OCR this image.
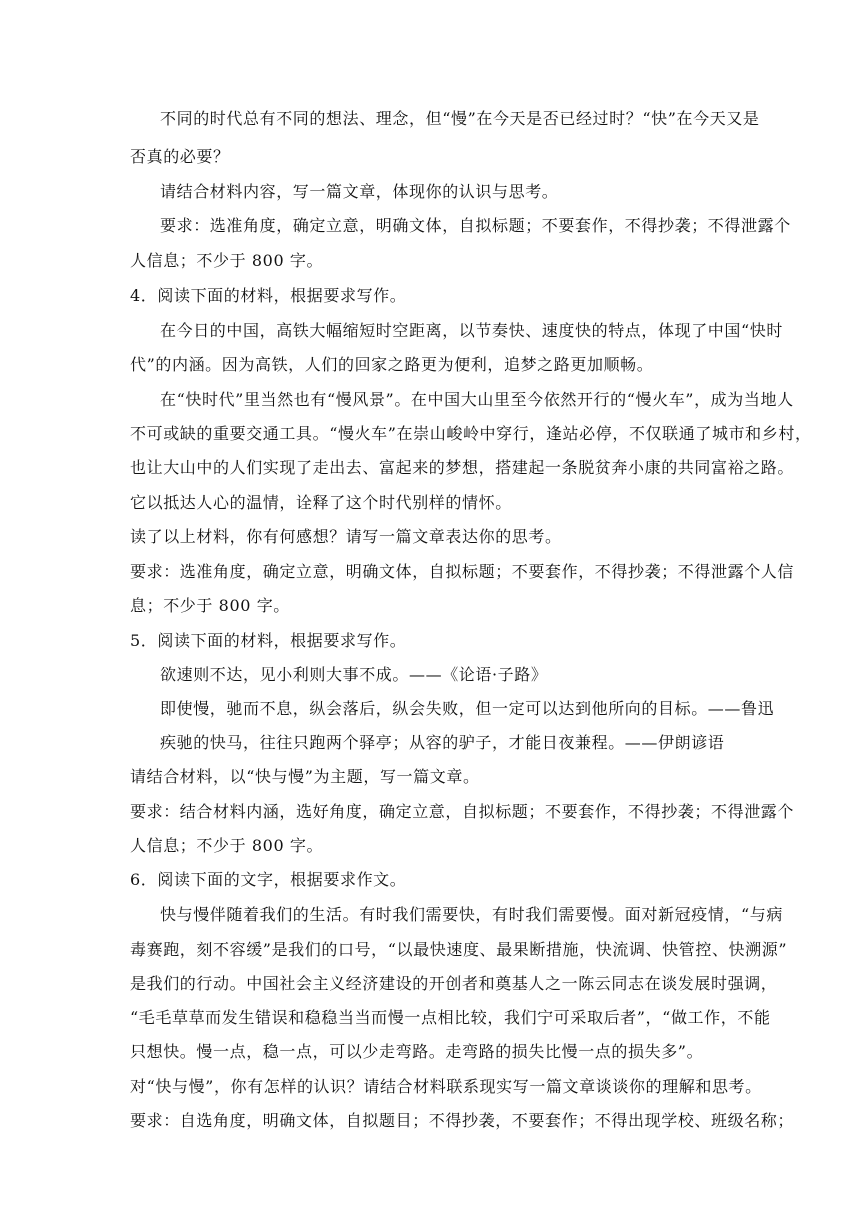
不同的时代总有不同的想法、理念，但“慢”在今天是否已经过时？“快”在今天又是
否真的必要？
请结合材料内容，写一篇文章，体现你的认识与思考。
要求：选准角度，确定立意，明确文体，自拟标题；不要套作，不得抄袭；不得泄露个
人信息；不少于 800 字。
4．阅读下面的材料，根据要求写作。
在今日的中国，高铁大幅缩短时空距离，以节奏快、速度快的特点，体现了中国“快时
代”的内涵。因为高铁，人们的回家之路更为便利，追梦之路更加顺畅。
在“快时代”里当然也有“慢风景”。在中国大山里至今依然开行的“慢火车”，成为当地人
不可或缺的重要交通工具。“慢火车”在崇山峻岭中穿行，逢站必停，不仅联通了城市和乡村，
也让大山中的人们实现了走出去、富起来的梦想，搭建起一条脱贫奔小康的共同富裕之路。
它以抵达人心的温情，诠释了这个时代别样的情怀。
读了以上材料，你有何感想？请写一篇文章表达你的思考。
要求：选准角度，确定立意，明确文体，自拟标题；不要套作，不得抄袭；不得泄露个人信
息；不少于 800 字。
5．阅读下面的材料，根据要求写作。
欲速则不达，见小利则大事不成。——《论语·子路》
即使慢，驰而不息，纵会落后，纵会失败，但一定可以达到他所向的目标。——鲁迅
疾驰的快马，往往只跑两个驿亭；从容的驴子，才能日夜兼程。——伊朗谚语
请结合材料，以“快与慢”为主题，写一篇文章。
要求：结合材料内涵，选好角度，确定立意，自拟标题；不要套作，不得抄袭；不得泄露个
人信息；不少于 800 字。
6．阅读下面的文字，根据要求作文。
快与慢伴随着我们的生活。有时我们需要快，有时我们需要慢。面对新冠疫情，“与病
毒赛跑，刻不容缓”是我们的口号，“以最快速度、最果断措施，快流调、快管控、快溯源”
是我们的行动。中国社会主义经济建设的开创者和奠基人之一陈云同志在谈发展时强调，
“毛毛草草而发生错误和稳稳当当而慢一点相比较，我们宁可采取后者”，“做工作，不能
只想快。慢一点，稳一点，可以少走弯路。走弯路的损失比慢一点的损失多”。
对“快与慢”，你有怎样的认识？请结合材料联系现实写一篇文章谈谈你的理解和思考。
要求：自选角度，明确文体，自拟题目；不得抄袭，不要套作；不得出现学校、班级名称；
